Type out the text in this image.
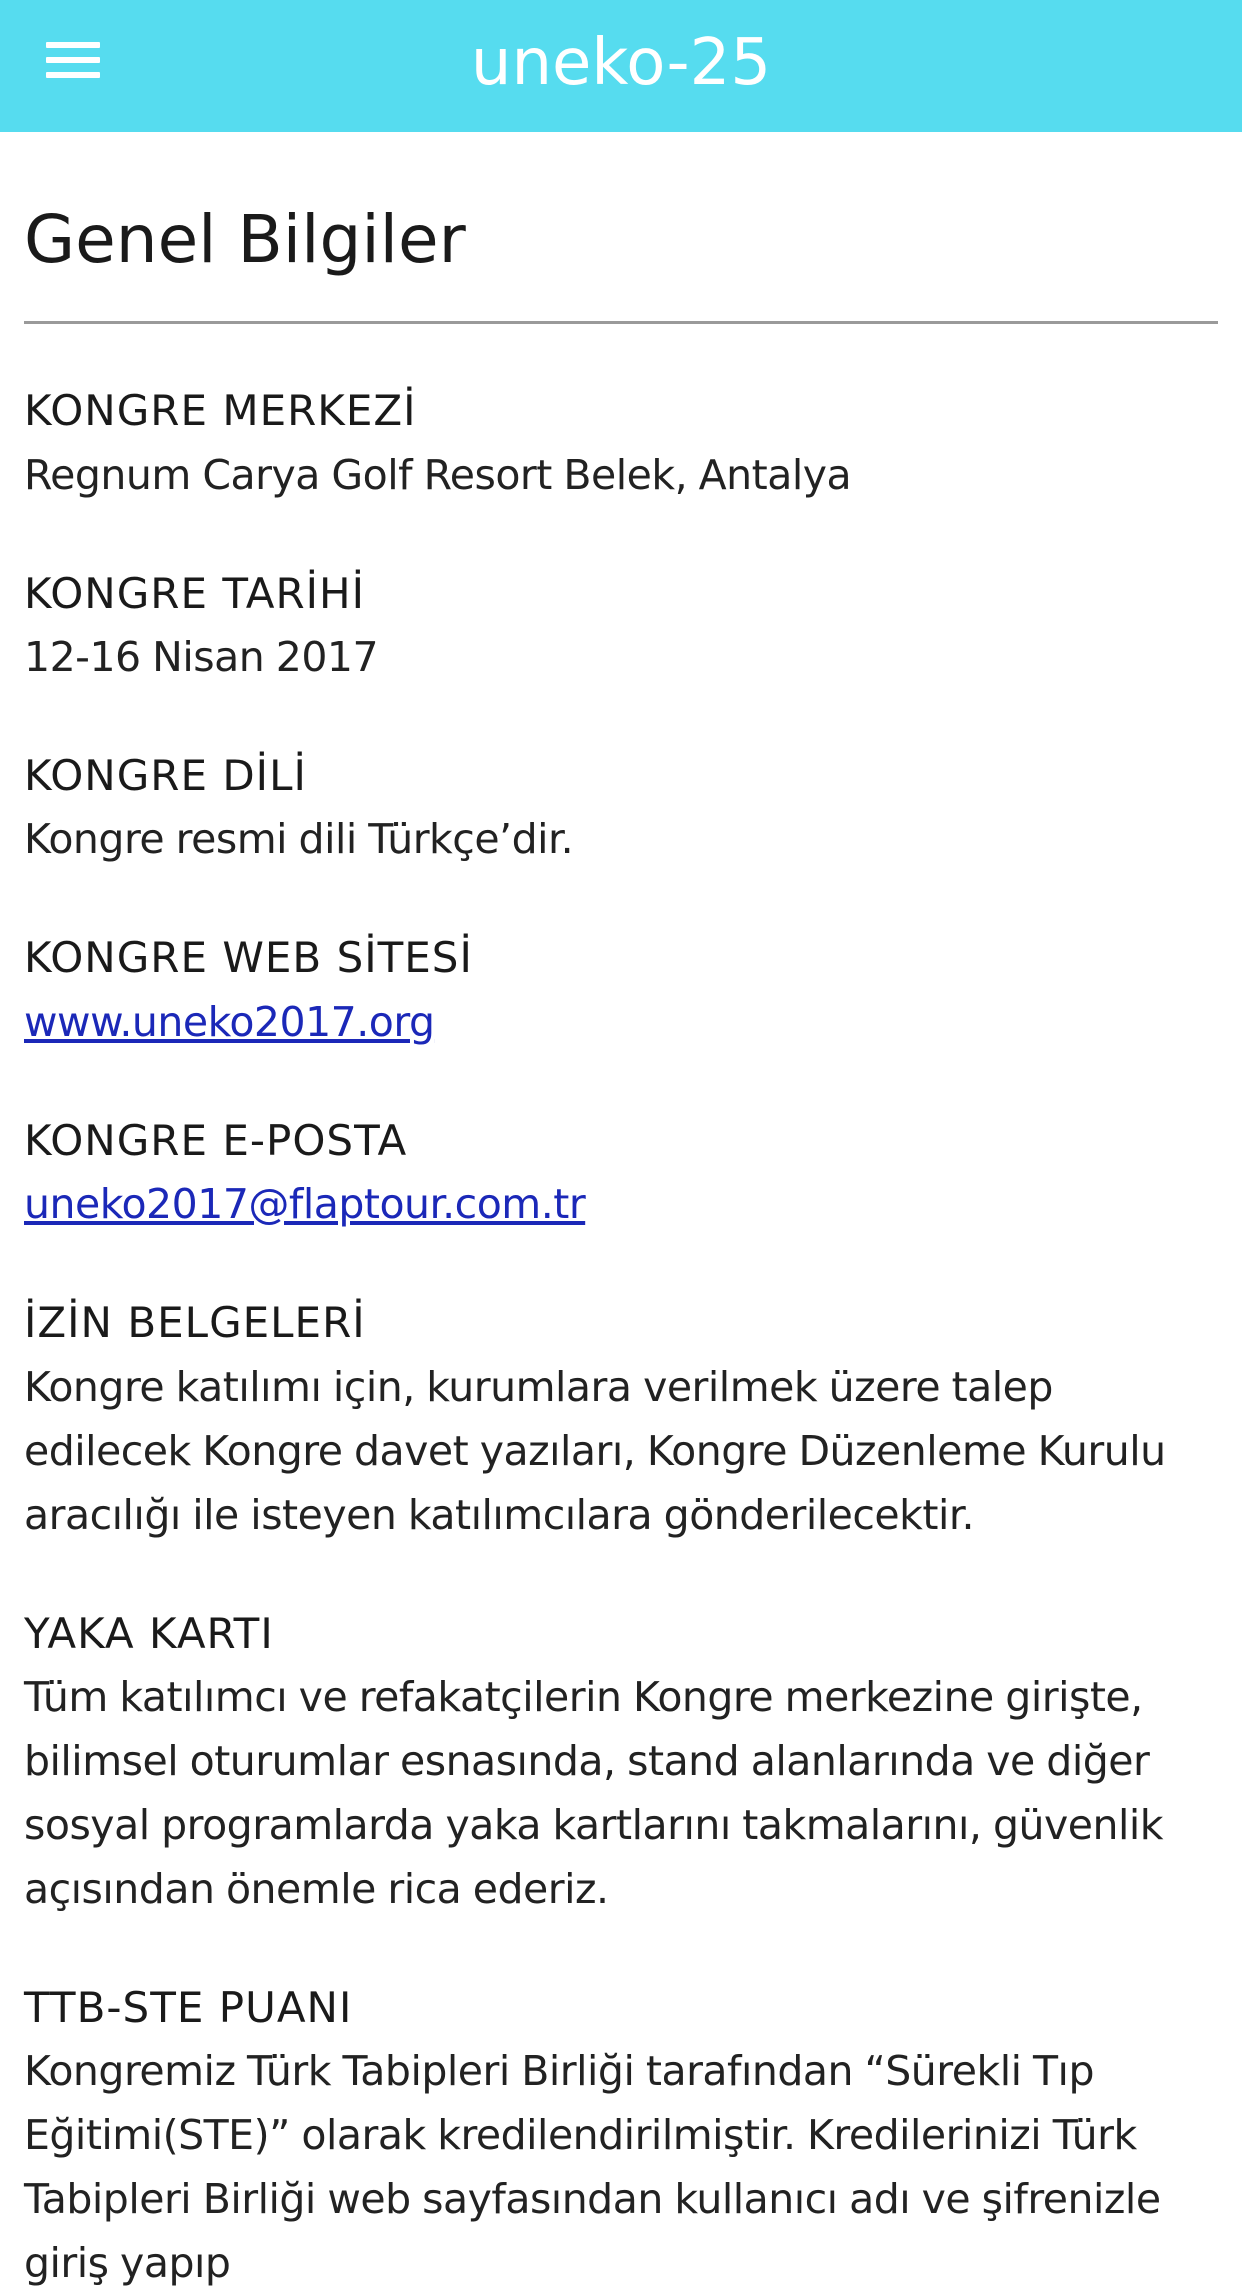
uneko-25
Genel Bilgiler
KONGRE MERKEZİ

Regnum Carya Golf Resort Belek, Antalya

KONGRE TARİHİ

12-16 Nisan 2017

KONGRE DİLİ

Kongre resmi dili Türkçe’dir.

KONGRE WEB SİTESİ

www.uneko2017.org

KONGRE E-POSTA

uneko2017@flaptour.com.tr

İZİN BELGELERİ

Kongre katılımı için, kurumlara verilmek üzere talep edilecek Kongre davet yazıları, Kongre Düzenleme Kurulu aracılığı ile isteyen katılımcılara gönderilecektir.

YAKA KARTI

Tüm katılımcı ve refakatçilerin Kongre merkezine girişte, bilimsel oturumlar esnasında, stand alanlarında ve diğer sosyal programlarda yaka kartlarını takmalarını, güvenlik açısından önemle rica ederiz.

TTB-STE PUANI

Kongremiz Türk Tabipleri Birliği tarafından “Sürekli Tıp Eğitimi(STE)” olarak kredilendirilmiştir. Kredilerinizi Türk Tabipleri Birliği web sayfasından kullanıcı adı ve şifrenizle giriş yapıp
